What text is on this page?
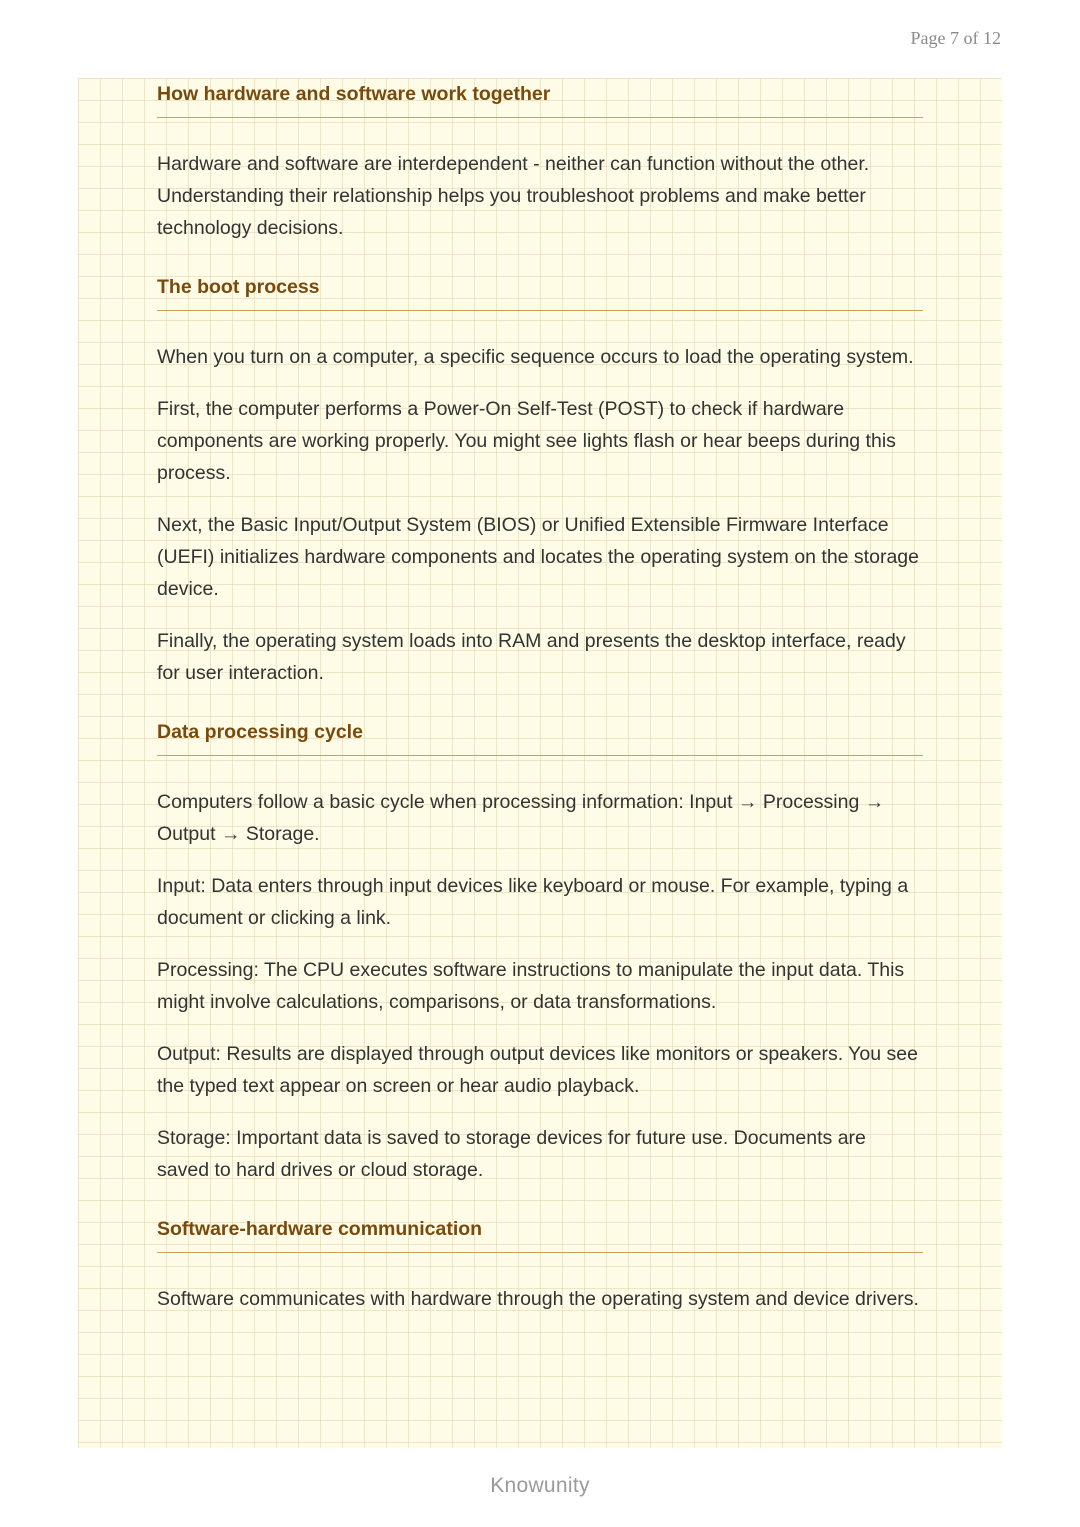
Page 7 of 12
How hardware and software work together

Hardware and software are interdependent - neither can function without the other. Understanding their relationship helps you troubleshoot problems and make better technology decisions.

The boot process

When you turn on a computer, a specific sequence occurs to load the operating system.

First, the computer performs a Power-On Self-Test (POST) to check if hardware components are working properly. You might see lights flash or hear beeps during this process.

Next, the Basic Input/Output System (BIOS) or Unified Extensible Firmware Interface (UEFI) initializes hardware components and locates the operating system on the storage device.

Finally, the operating system loads into RAM and presents the desktop interface, ready for user interaction.

Data processing cycle

Computers follow a basic cycle when processing information: Input → Processing → Output → Storage.

Input: Data enters through input devices like keyboard or mouse. For example, typing a document or clicking a link.

Processing: The CPU executes software instructions to manipulate the input data. This might involve calculations, comparisons, or data transformations.

Output: Results are displayed through output devices like monitors or speakers. You see the typed text appear on screen or hear audio playback.

Storage: Important data is saved to storage devices for future use. Documents are saved to hard drives or cloud storage.

Software-hardware communication

Software communicates with hardware through the operating system and device drivers.

Knowunity
